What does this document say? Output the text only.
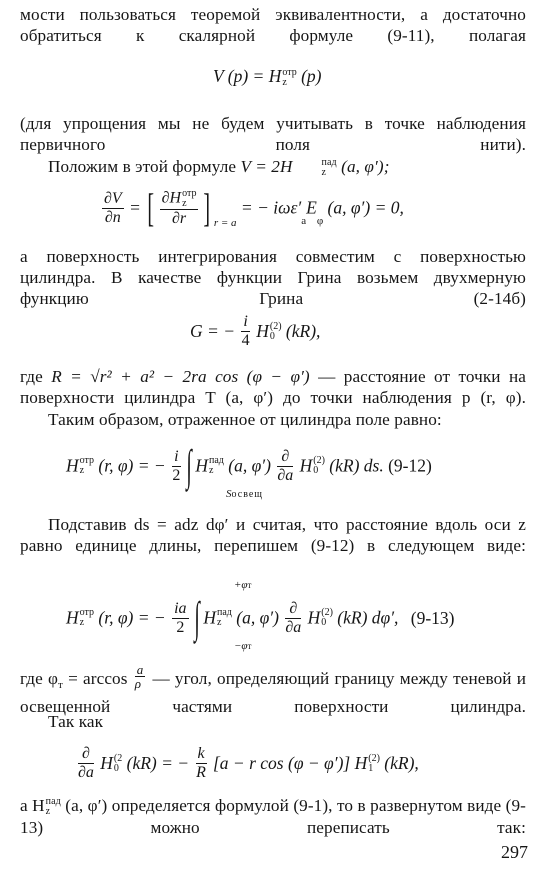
мости пользоваться теоремой эквивалентности, а достаточно обратиться к скалярной формуле (9-11), полагая
V (p) = H отр
z (p)
(для упрощения мы не будем учитывать в точке наблюдения первичного поля нити).
Положим в этой формуле V = 2H	пад
z (a, φ′);
$\frac{\partial V}{\partial n}$ = [ ∂H отр
z
∂r ] $_{r = a}$ = − $i\omega\varepsilon'_aE_\varphi$ (a, φ′) = 0,
а поверхность интегрирования совместим с поверхностью цилиндра. В качестве функции Грина возьмем двухмерную функцию Грина (2-14б)
G = − $\frac{i}{4}$ H (2)
0 (kR),
где R = √r² + a² − 2ra cos (φ − φ′) — расстояние от точки на поверхности цилиндра T (a, φ′) до точки наблюдения p (r, φ).
Таким образом, отраженное от цилиндра поле равно:
H отр
z (r, φ) = − $\frac{i}{2}$ ∫ H пад
z (a, $\varphi') \frac{\partial}{\partial a}$ H (2)
0 (kR) ds. (9-12)
Sосвещ
Подставив ds = adz dφ′ и считая, что расстояние вдоль оси z равно единице длины, перепишем (9-12) в следующем виде:
H отр
z (r, φ) = − $\frac{ia}{2}$ ∫ H пад
z (a, $\varphi') \frac{\partial}{\partial a}$ H (2)
0 (kR) dφ′, (9-13)
+φт
−φт
где $\varphi_т = \arccos \frac{a}{\rho}$ — угол, определяющий границу между теневой и освещенной частями поверхности цилиндра.
Так как
$\frac{\partial}{\partial a}$ H (2
0 (kR) = − $\frac{k}{R} [a - r$ cos (φ − φ′)] H (2)
1 (kR),
а H пад
z (a, φ′) определяется формулой (9-1), то в развернутом виде (9-13) можно переписать так:
297
